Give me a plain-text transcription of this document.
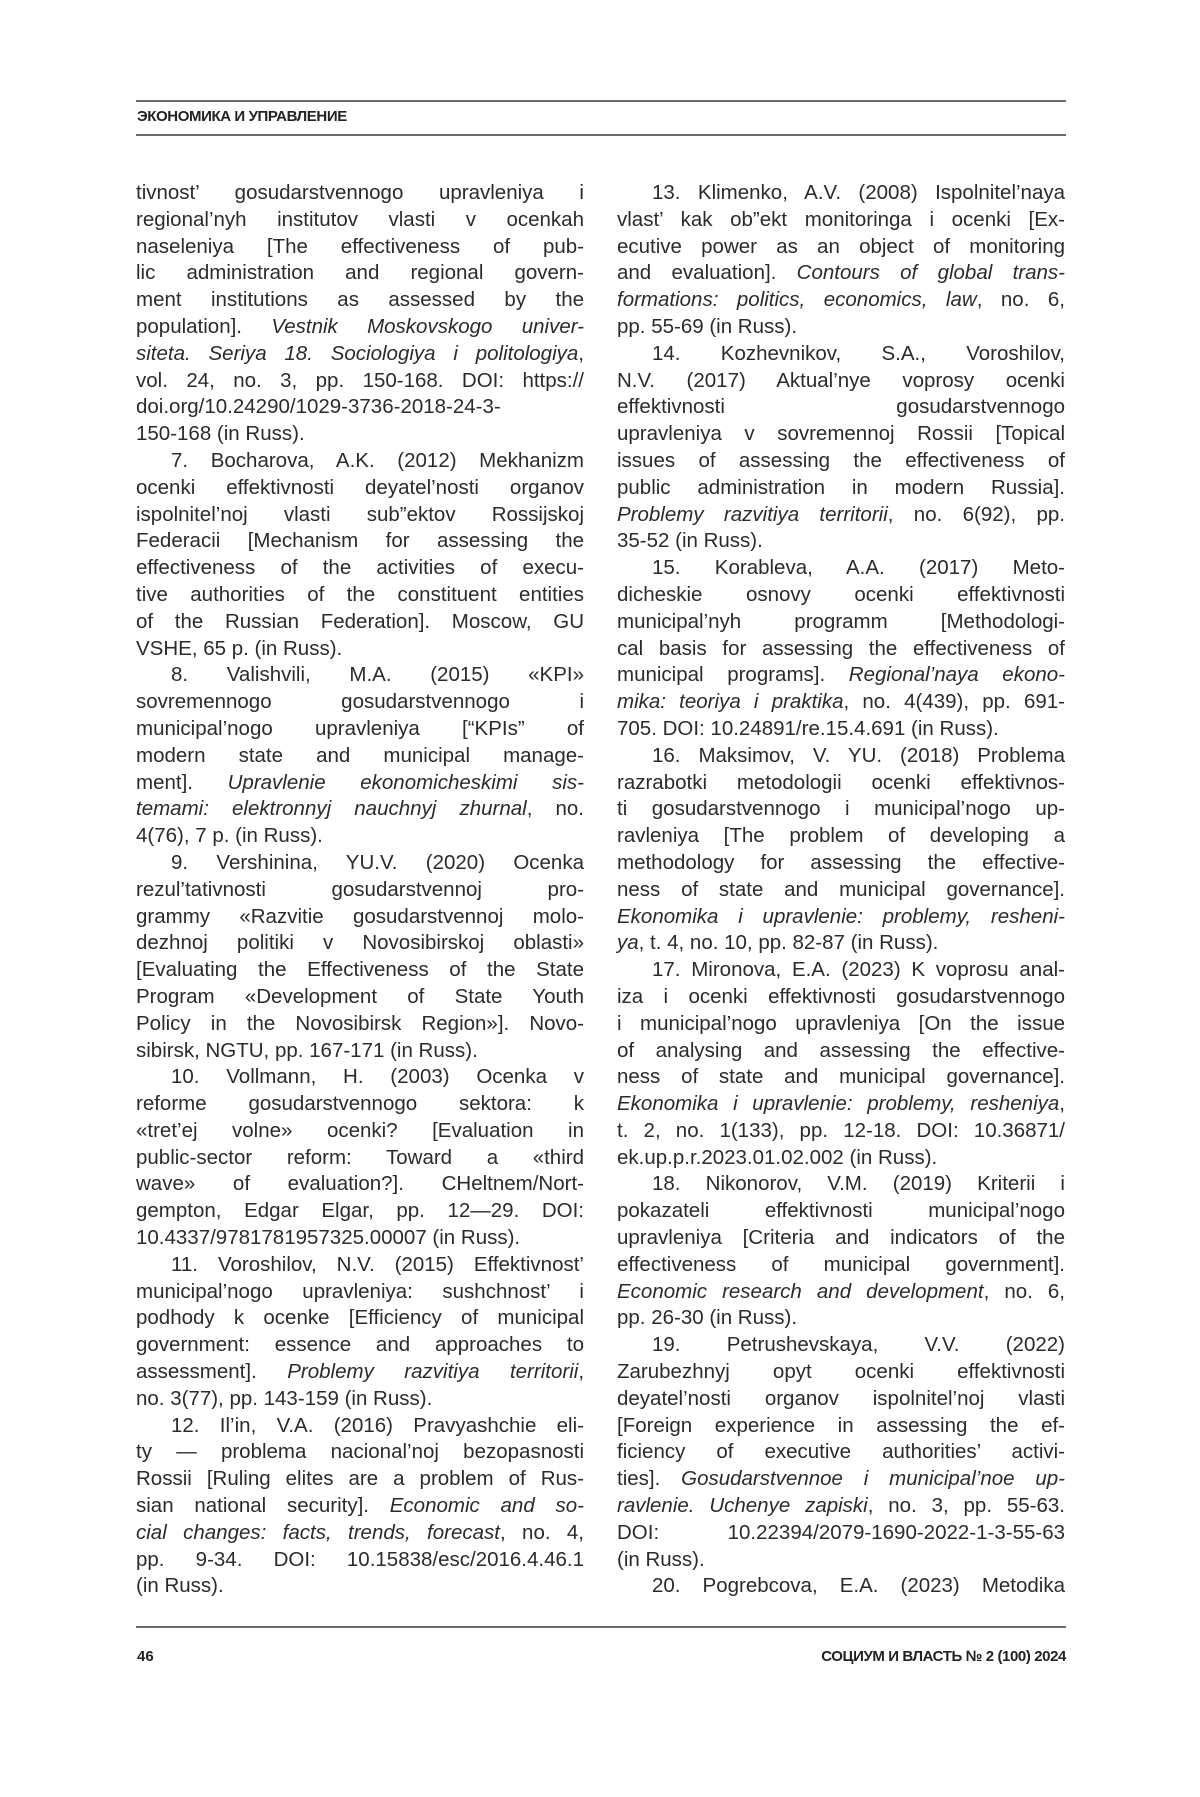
ЭКОНОМИКА И УПРАВЛЕНИЕ
tivnost’ gosudarstvennogo upravleniya i
regional’nyh institutov vlasti v ocenkah
naseleniya [The effectiveness of pub-
lic administration and regional govern-
ment institutions as assessed by the
population]. Vestnik Moskovskogo univer-
siteta. Seriya 18. Sociologiya i politologiya,
vol. 24, no. 3, pp. 150-168. DOI: https://
doi.org/10.24290/1029-3736-2018-24-3-
150-168 (in Russ).
7. Bocharova, A.K. (2012) Mekhanizm
ocenki effektivnosti deyatel’nosti organov
ispolnitel’noj vlasti sub”ektov Rossijskoj
Federacii [Mechanism for assessing the
effectiveness of the activities of execu-
tive authorities of the constituent entities
of the Russian Federation]. Moscow, GU
VSHE, 65 p. (in Russ).
8. Valishvili, M.A. (2015) «KPI»
sovremennogo gosudarstvennogo i
municipal’nogo upravleniya [“KPIs” of
modern state and municipal manage-
ment]. Upravlenie ekonomicheskimi sis-
temami: elektronnyj nauchnyj zhurnal, no.
4(76), 7 p. (in Russ).
9. Vershinina, YU.V. (2020) Ocenka
rezul’tativnosti gosudarstvennoj pro-
grammy «Razvitie gosudarstvennoj molo-
dezhnoj politiki v Novosibirskoj oblasti»
[Evaluating the Effectiveness of the State
Program «Development of State Youth
Policy in the Novosibirsk Region»]. Novo-
sibirsk, NGTU, pp. 167-171 (in Russ).
10. Vollmann, H. (2003) Ocenka v
reforme gosudarstvennogo sektora: k
«tret’ej volne» ocenki? [Evaluation in
public-sector reform: Toward a «third
wave» of evaluation?]. CHeltnem/Nort-
gempton, Edgar Elgar, pp. 12—29. DOI:
10.4337/9781781957325.00007 (in Russ).
11. Voroshilov, N.V. (2015) Effektivnost’
municipal’nogo upravleniya: sushchnost’ i
podhody k ocenke [Efficiency of municipal
government: essence and approaches to
assessment]. Problemy razvitiya territorii,
no. 3(77), pp. 143-159 (in Russ).
12. Il’in, V.A. (2016) Pravyashchie eli-
ty — problema nacional’noj bezopasnosti
Rossii [Ruling elites are a problem of Rus-
sian national security]. Economic and so-
cial changes: facts, trends, forecast, no. 4,
pp. 9-34. DOI: 10.15838/esc/2016.4.46.1
(in Russ).
13. Klimenko, A.V. (2008) Ispolnitel’naya
vlast’ kak ob”ekt monitoringa i ocenki [Ex-
ecutive power as an object of monitoring
and evaluation]. Contours of global trans-
formations: politics, economics, law, no. 6,
pp. 55-69 (in Russ).
14. Kozhevnikov, S.A., Voroshilov,
N.V. (2017) Aktual’nye voprosy ocenki
effektivnosti gosudarstvennogo
upravleniya v sovremennoj Rossii [Topical
issues of assessing the effectiveness of
public administration in modern Russia].
Problemy razvitiya territorii, no. 6(92), pp.
35-52 (in Russ).
15. Korableva, A.A. (2017) Meto-
dicheskie osnovy ocenki effektivnosti
municipal’nyh programm [Methodologi-
cal basis for assessing the effectiveness of
municipal programs]. Regional’naya ekono-
mika: teoriya i praktika, no. 4(439), pp. 691-
705. DOI: 10.24891/re.15.4.691 (in Russ).
16. Maksimov, V. YU. (2018) Problema
razrabotki metodologii ocenki effektivnos-
ti gosudarstvennogo i municipal’nogo up-
ravleniya [The problem of developing a
methodology for assessing the effective-
ness of state and municipal governance].
Ekonomika i upravlenie: problemy, resheni-
ya, t. 4, no. 10, pp. 82-87 (in Russ).
17. Mironova, E.A. (2023) K voprosu anal-
iza i ocenki effektivnosti gosudarstvennogo
i municipal’nogo upravleniya [On the issue
of analysing and assessing the effective-
ness of state and municipal governance].
Ekonomika i upravlenie: problemy, resheniya,
t. 2, no. 1(133), pp. 12-18. DOI: 10.36871/
ek.up.p.r.2023.01.02.002 (in Russ).
18. Nikonorov, V.M. (2019) Kriterii i
pokazateli effektivnosti municipal’nogo
upravleniya [Criteria and indicators of the
effectiveness of municipal government].
Economic research and development, no. 6,
pp. 26-30 (in Russ).
19. Petrushevskaya, V.V. (2022)
Zarubezhnyj opyt ocenki effektivnosti
deyatel’nosti organov ispolnitel’noj vlasti
[Foreign experience in assessing the ef-
ficiency of executive authorities’ activi-
ties]. Gosudarstvennoe i municipal’noe up-
ravlenie. Uchenye zapiski, no. 3, pp. 55-63.
DOI: 10.22394/2079-1690-2022-1-3-55-63
(in Russ).
20. Pogrebcova, E.A. (2023) Metodika
46	СОЦИУМ И ВЛАСТЬ № 2 (100) 2024
